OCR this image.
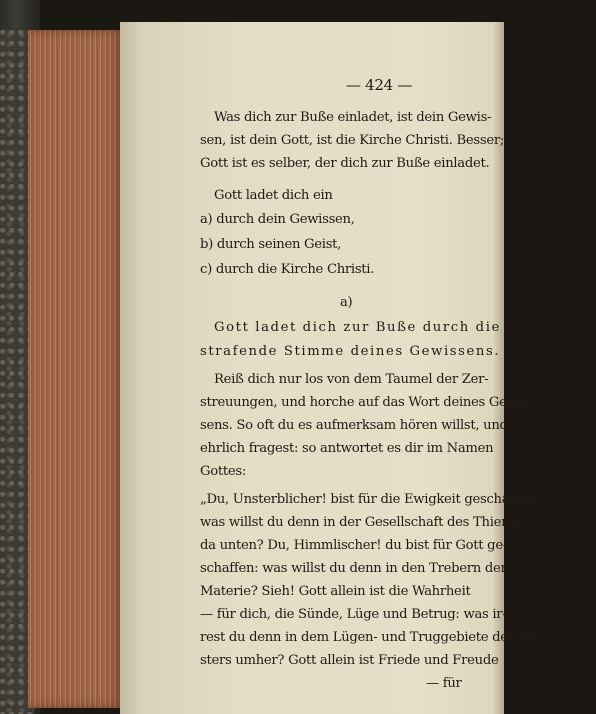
— 424 —
Was dich zur Buße einladet, ist dein Gewis-
sen, ist dein Gott, ist die Kirche Christi. Besser;
Gott ist es selber, der dich zur Buße einladet.
Gott ladet dich ein
a) durch dein Gewissen,
b) durch seinen Geist,
c) durch die Kirche Christi.
a)
Gott ladet dich zur Buße durch die
strafende Stimme deines Gewissens.
Reiß dich nur los von dem Taumel der Zer-
streuungen, und horche auf das Wort deines Gewis-
sens. So oft du es aufmerksam hören willst, und
ehrlich fragest: so antwortet es dir im Namen
Gottes:
„Du, Unsterblicher! bist für die Ewigkeit geschaffen,
was willst du denn in der Gesellschaft des Thieres
da unten? Du, Himmlischer! du bist für Gott ge-
schaffen: was willst du denn in den Trebern der
Materie? Sieh! Gott allein ist die Wahrheit
— für dich, die Sünde, Lüge und Betrug: was ir-
rest du denn in dem Lügen- und Truggebiete des La-
sters umher? Gott allein ist Friede und Freude
— für
